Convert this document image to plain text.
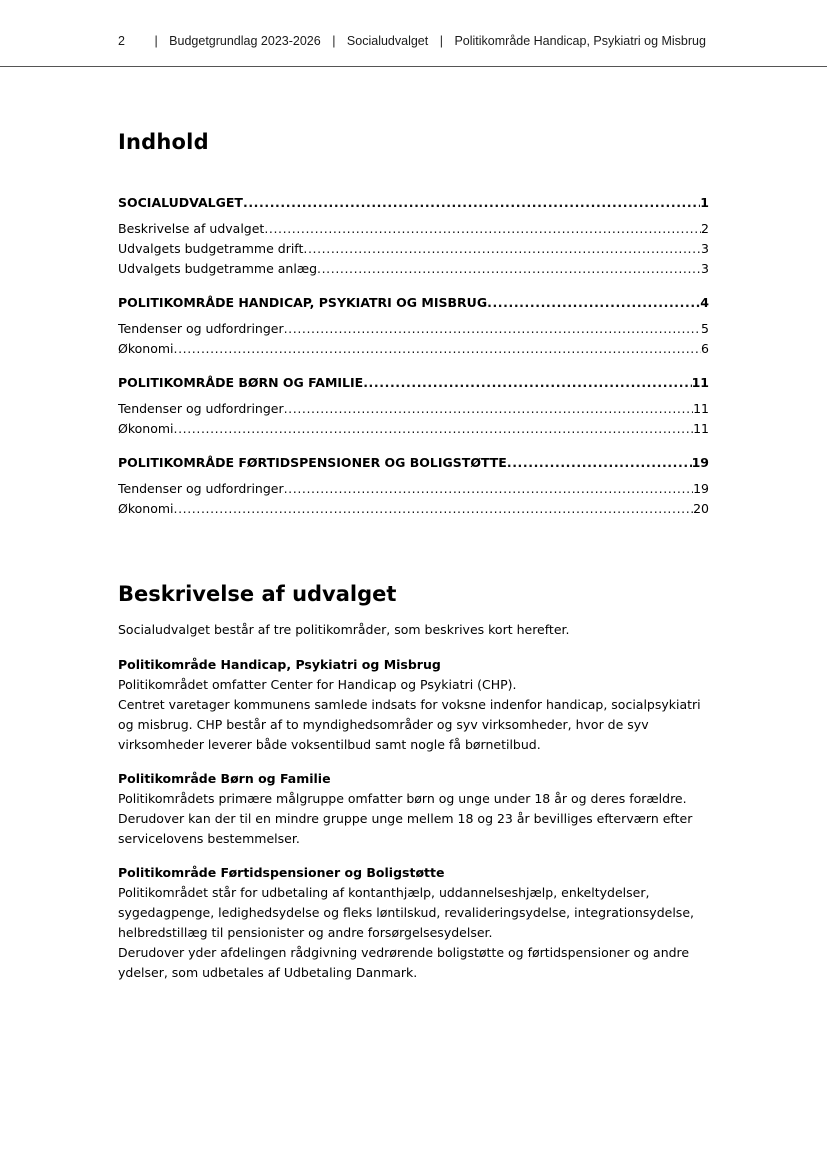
2 | Budgetgrundlag 2023-2026 | Socialudvalget | Politikområde Handicap, Psykiatri og Misbrug
Indhold
SOCIALUDVALGET .....	1
Beskrivelse af udvalget .....	2
Udvalgets budgetramme drift .....	3
Udvalgets budgetramme anlæg .....	3
POLITIKOMRÅDE HANDICAP, PSYKIATRI OG MISBRUG .....	4
Tendenser og udfordringer .....	5
Økonomi .....	6
POLITIKOMRÅDE BØRN OG FAMILIE .....	11
Tendenser og udfordringer .....	11
Økonomi .....	11
POLITIKOMRÅDE FØRTIDSPENSIONER OG BOLIGSTØTTE .....	19
Tendenser og udfordringer .....	19
Økonomi .....	20
Beskrivelse af udvalget

Socialudvalget består af tre politikområder, som beskrives kort herefter.

Politikområde Handicap, Psykiatri og Misbrug

Politikområdet omfatter Center for Handicap og Psykiatri (CHP).

Centret varetager kommunens samlede indsats for voksne indenfor handicap, socialpsykiatri

og misbrug. CHP består af to myndighedsområder og syv virksomheder, hvor de syv

virksomheder leverer både voksentilbud samt nogle få børnetilbud.

Politikområde Børn og Familie

Politikområdets primære målgruppe omfatter børn og unge under 18 år og deres forældre.

Derudover kan der til en mindre gruppe unge mellem 18 og 23 år bevilliges efterværn efter

servicelovens bestemmelser.

Politikområde Førtidspensioner og Boligstøtte

Politikområdet står for udbetaling af kontanthjælp, uddannelseshjælp, enkeltydelser,

sygedagpenge, ledighedsydelse og fleks løntilskud, revalideringsydelse, integrationsydelse,

helbredstillæg til pensionister og andre forsørgelsesydelser.

Derudover yder afdelingen rådgivning vedrørende boligstøtte og førtidspensioner og andre

ydelser, som udbetales af Udbetaling Danmark.
